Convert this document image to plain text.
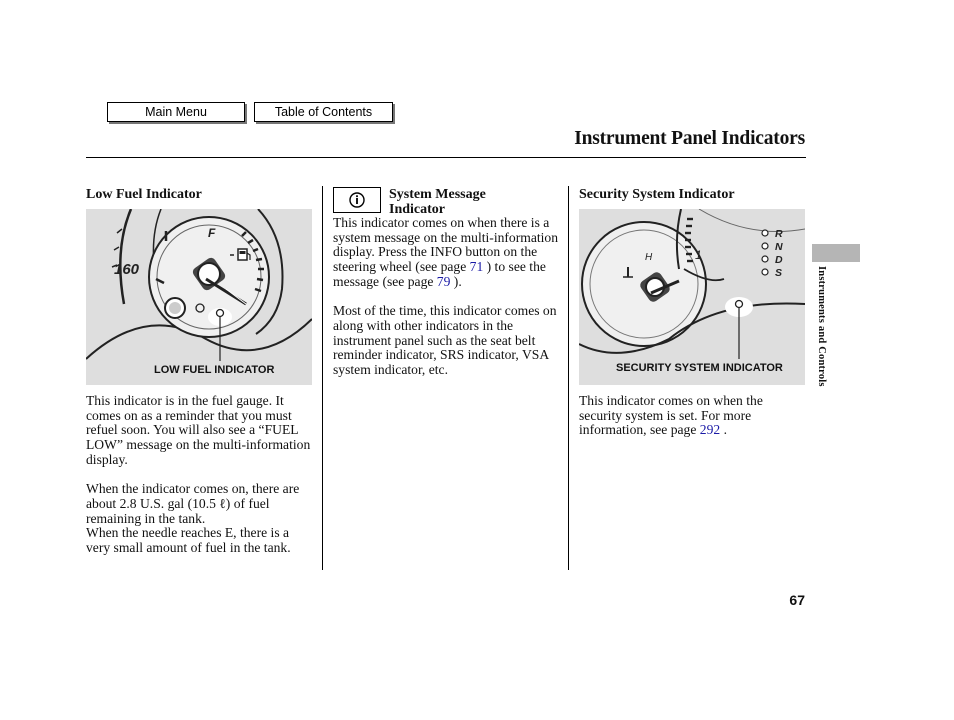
Main Menu	Table of Contents
Instrument Panel Indicators
Low Fuel Indicator
F
160
LOW FUEL INDICATOR

This indicator is in the fuel gauge. It comes on as a reminder that you must refuel soon. You will also see a “FUEL LOW” message on the multi-information display.

When the indicator comes on, there are about 2.8 U.S. gal (10.5 ℓ) of fuel remaining in the tank.

When the needle reaches E, there is a very small amount of fuel in the tank.

System Message
Indicator

This indicator comes on when there is a system message on the multi-information display. Press the INFO button on the steering wheel (see page 71 ) to see the message (see page 79 ).

Most of the time, this indicator comes on along with other indicators in the instrument panel such as the seat belt reminder indicator, SRS indicator, VSA system indicator, etc.

Security System Indicator
R
N
D
S
H	1
SECURITY SYSTEM INDICATOR

This indicator comes on when the security system is set. For more information, see page 292 .

Instruments and Controls
67
